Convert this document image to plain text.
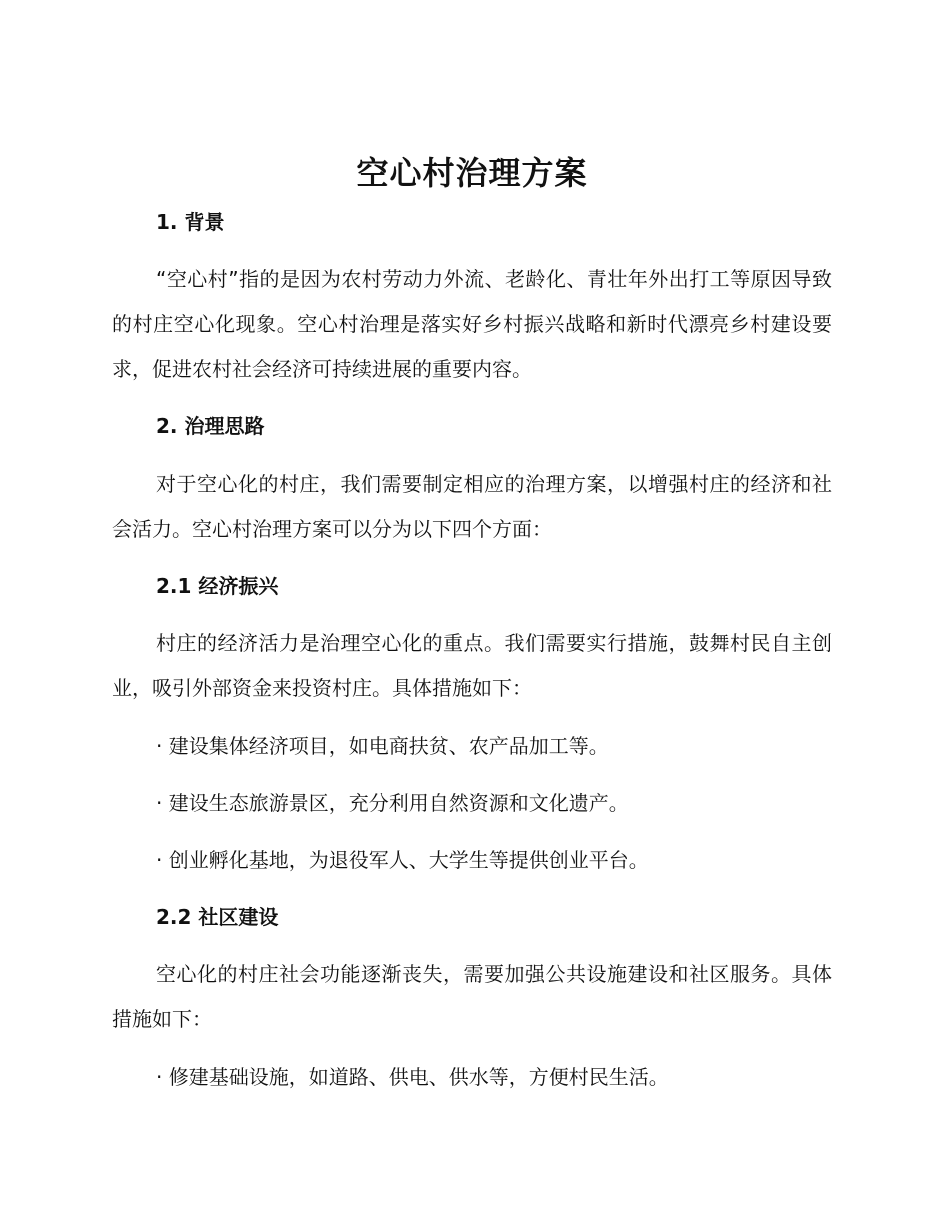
空心村治理方案
1. 背景

“空心村”指的是因为农村劳动力外流、老龄化、青壮年外出打工等原因导致的村庄空心化现象。空心村治理是落实好乡村振兴战略和新时代漂亮乡村建设要求，促进农村社会经济可持续进展的重要内容。

2. 治理思路

对于空心化的村庄，我们需要制定相应的治理方案，以增强村庄的经济和社会活力。空心村治理方案可以分为以下四个方面：

2.1 经济振兴

村庄的经济活力是治理空心化的重点。我们需要实行措施，鼓舞村民自主创业，吸引外部资金来投资村庄。具体措施如下：

· 建设集体经济项目，如电商扶贫、农产品加工等。

· 建设生态旅游景区，充分利用自然资源和文化遗产。

· 创业孵化基地，为退役军人、大学生等提供创业平台。

2.2 社区建设

空心化的村庄社会功能逐渐丧失，需要加强公共设施建设和社区服务。具体措施如下：

· 修建基础设施，如道路、供电、供水等，方便村民生活。
